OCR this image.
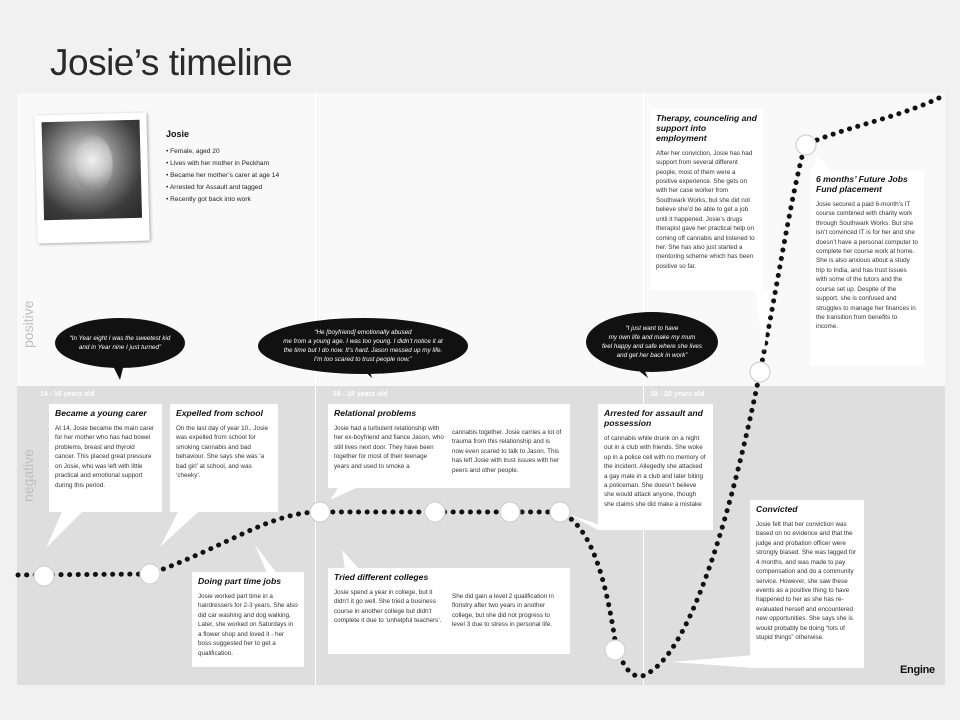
Josie’s timeline
positive
negative
14 - 16 years old	16 - 18 years old	18 - 20 years old
Josie
• Female, aged 20
• Lives with her mother in Peckham
• Became her mother’s carer at age 14
• Arrested for Assault and tagged
• Recently got back into work
“In Year eight I was the sweetest kid
and in Year nine I just turned”
“He [boyfriend] emotionally abused
me from a young age. I was too young. I didn’t notice it at
the time but I do now. It’s hard. Jason messed up my life.
I’m too scared to trust people now.”
“I just want to have
my own life and make my mum
feel happy and safe where she lives
and get her back in work”
Became a young carer

At 14, Josie became the main carer for her mother who has had bowel problems, breast and thyroid cancer. This placed great pressure on Josie, who was left with little practical and emotional support during this period.

Expelled from school

On the last day of year 10., Josie was expelled from school for smoking cannabis and bad behaviour. She says she was ‘a bad girl’ at school, and was ‘cheeky’.

Relational problems

Josie had a turbulent relationship with her ex-boyfriend and fiance Jason, who still lives next door. They have been together for most of their teenage years and used to smoke a

cannabis together. Josie carries a lot of trauma from this relationship and is now even scared to talk to Jason. This has left Josie with trust issues with her peers and other people.

Arrested for assault and possession

of cannabis while drunk on a night out in a club with friends. She woke up in a police cell with no memory of the incident. Allegedly she attacked a gay male in a club and later biting a policeman. She doesn’t believe she would attack anyone, though she claims she did make a mistake

Doing part time jobs

Josie worked part time in a hairdressers for 2-3 years. She also did car washing and dog walking. Later, she worked on Saturdays in a flower shop and loved it - her boss suggested her to get a qualification.

Tried different colleges

Josie spend a year in college, but it didn’t it go well. She tried a business course in another college but didn’t complete it due to ‘unhelpful teachers’.

She did gain a level 2 qualification in floristry after two years in another college, but she did not progress to level 3 due to stress in personal life.

Convicted

Josie felt that her conviction was based on no evidence and that the judge and probation officer were strongly biased. She was tagged for 4 months, and was made to pay compensation and do a community service. However, she saw these events as a positive thing to have happened to her as she has re-evaluated herself and encountered new opportunities. She says she is would probably be doing “lots of stupid things” otherwise.

Therapy, counceling and support into employment

After her conviction, Josie has had support from several different people, most of them were a positive experience. She gets on with her case worker from Southwark Works, but she did not believe she’d be able to get a job until it happened. Josie’s drugs therapist gave her practical help on coming off cannabis and listened to her. She has also just started a mentoring scheme which has been positive so far.

6 months’ Future Jobs Fund placement

Josie secured a paid 6-month’s IT course combined with charity work through Southwark Works. But she isn’t convinced IT is for her and she doesn’t have a personal computer to complete her course work at home. She is also anxious about a study trip to India, and has trust issues with some of the tutors and the course set up. Despite of the support, she is confused and struggles to manage her finances in the transition from benefits to income.

Engine
